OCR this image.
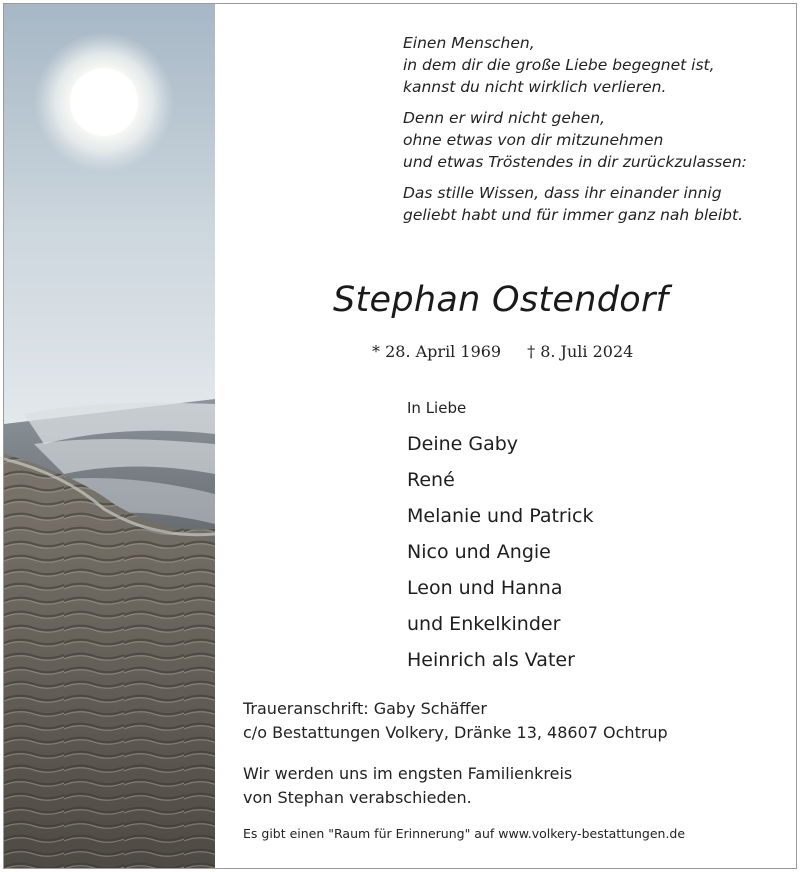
Einen Menschen,
in dem dir die große Liebe begegnet ist,
kannst du nicht wirklich verlieren.
Denn er wird nicht gehen,
ohne etwas von dir mitzunehmen
und etwas Tröstendes in dir zurückzulassen:
Das stille Wissen, dass ihr einander innig
geliebt habt und für immer ganz nah bleibt.
Stephan Ostendorf
* 28. April 1969 † 8. Juli 2024
In Liebe
Deine Gaby
René
Melanie und Patrick
Nico und Angie
Leon und Hanna
und Enkelkinder
Heinrich als Vater
Traueranschrift: Gaby Schäffer
c/o Bestattungen Volkery, Dränke 13, 48607 Ochtrup
Wir werden uns im engsten Familienkreis
von Stephan verabschieden.
Es gibt einen "Raum für Erinnerung" auf www.volkery-bestattungen.de
